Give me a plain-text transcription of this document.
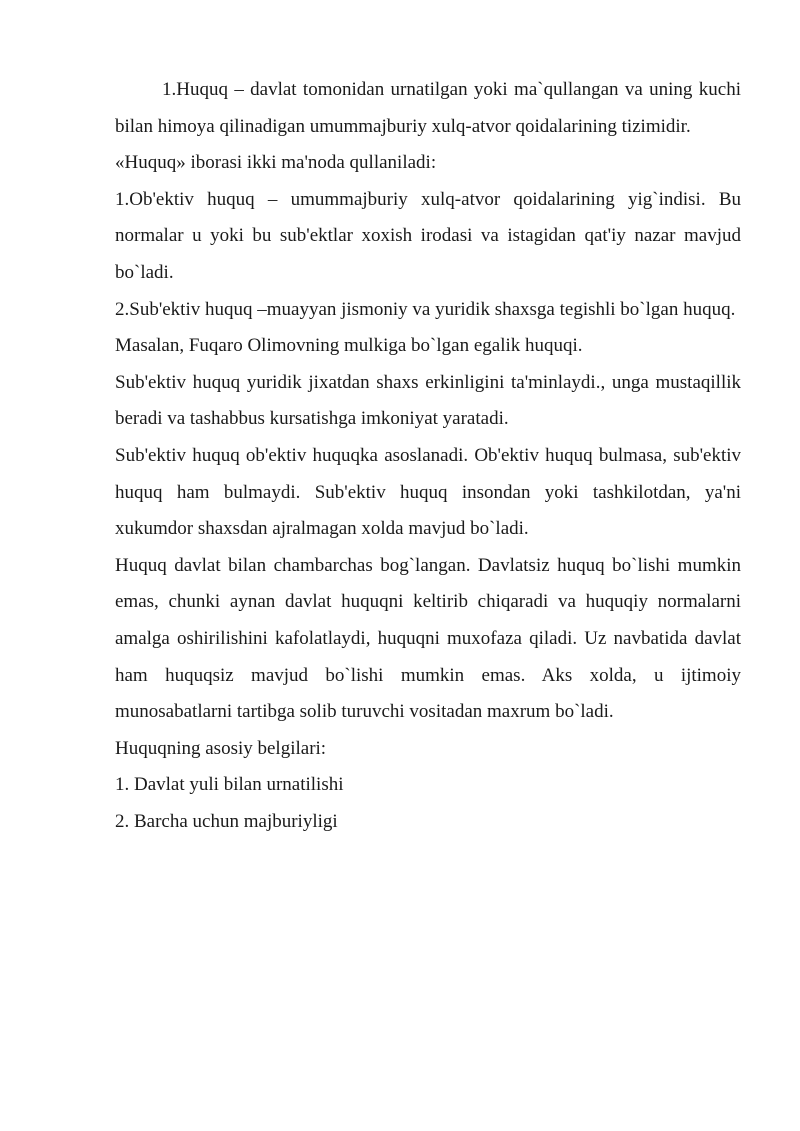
1.Huquq – davlat tomonidan urnatilgan yoki ma`qullangan va uning kuchi bilan himoya qilinadigan umummajburiy xulq-atvor qoidalarining tizimidir.

«Huquq» iborasi ikki ma'noda qullaniladi:

1.Ob'ektiv huquq – umummajburiy xulq-atvor qoidalarining yig`indisi. Bu normalar u yoki bu sub'ektlar xoxish irodasi va istagidan qat'iy nazar mavjud bo`ladi.

2.Sub'ektiv huquq –muayyan jismoniy va yuridik shaxsga tegishli bo`lgan huquq.

Masalan, Fuqaro Olimovning mulkiga bo`lgan egalik huquqi.

Sub'ektiv huquq yuridik jixatdan shaxs erkinligini ta'minlaydi., unga mustaqillik beradi va tashabbus kursatishga imkoniyat yaratadi.

Sub'ektiv huquq ob'ektiv huquqka asoslanadi. Ob'ektiv huquq bulmasa, sub'ektiv huquq ham bulmaydi. Sub'ektiv huquq insondan yoki tashkilotdan, ya'ni xukumdor shaxsdan ajralmagan xolda mavjud bo`ladi.

Huquq davlat bilan chambarchas bog`langan. Davlatsiz huquq bo`lishi mumkin emas, chunki aynan davlat huquqni keltirib chiqaradi va huquqiy normalarni amalga oshirilishini kafolatlaydi, huquqni muxofaza qiladi. Uz navbatida davlat ham huquqsiz mavjud bo`lishi mumkin emas. Aks xolda, u ijtimoiy munosabatlarni tartibga solib turuvchi vositadan maxrum bo`ladi.

Huquqning asosiy belgilari:

1. Davlat yuli bilan urnatilishi

2. Barcha uchun majburiyligi
